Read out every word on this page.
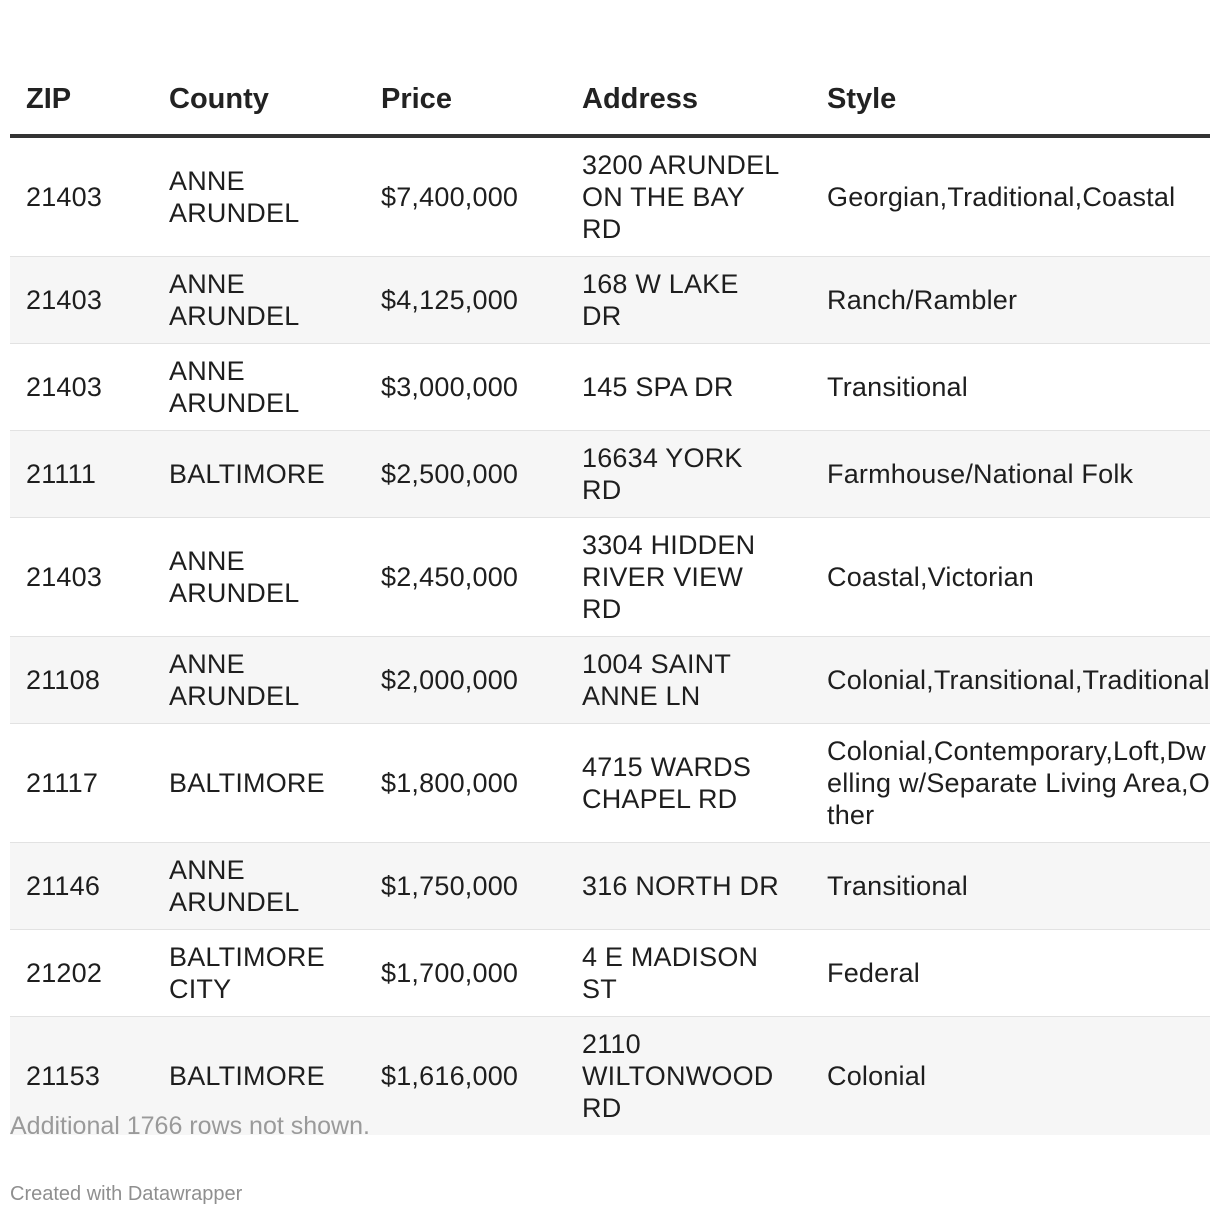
ZIP	County	Price	Address	Style
21403	ANNE ARUNDEL	$7,400,000	3200 ARUNDEL ON THE BAY RD	Georgian,Traditional,Coastal
21403	ANNE ARUNDEL	$4,125,000	168 W LAKE DR	Ranch/Rambler
21403	ANNE ARUNDEL	$3,000,000	145 SPA DR	Transitional
21111	BALTIMORE	$2,500,000	16634 YORK RD	Farmhouse/National Folk
21403	ANNE ARUNDEL	$2,450,000	3304 HIDDEN RIVER VIEW RD	Coastal,Victorian
21108	ANNE ARUNDEL	$2,000,000	1004 SAINT ANNE LN	Colonial,Transitional,Traditional
21117	BALTIMORE	$1,800,000	4715 WARDS CHAPEL RD	Colonial,Contemporary,Loft,Dwelling w/Separate Living Area,Other
21146	ANNE ARUNDEL	$1,750,000	316 NORTH DR	Transitional
21202	BALTIMORE CITY	$1,700,000	4 E MADISON ST	Federal
21153	BALTIMORE	$1,616,000	2110 WILTONWOOD RD	Colonial
Additional 1766 rows not shown.
Created with Datawrapper
